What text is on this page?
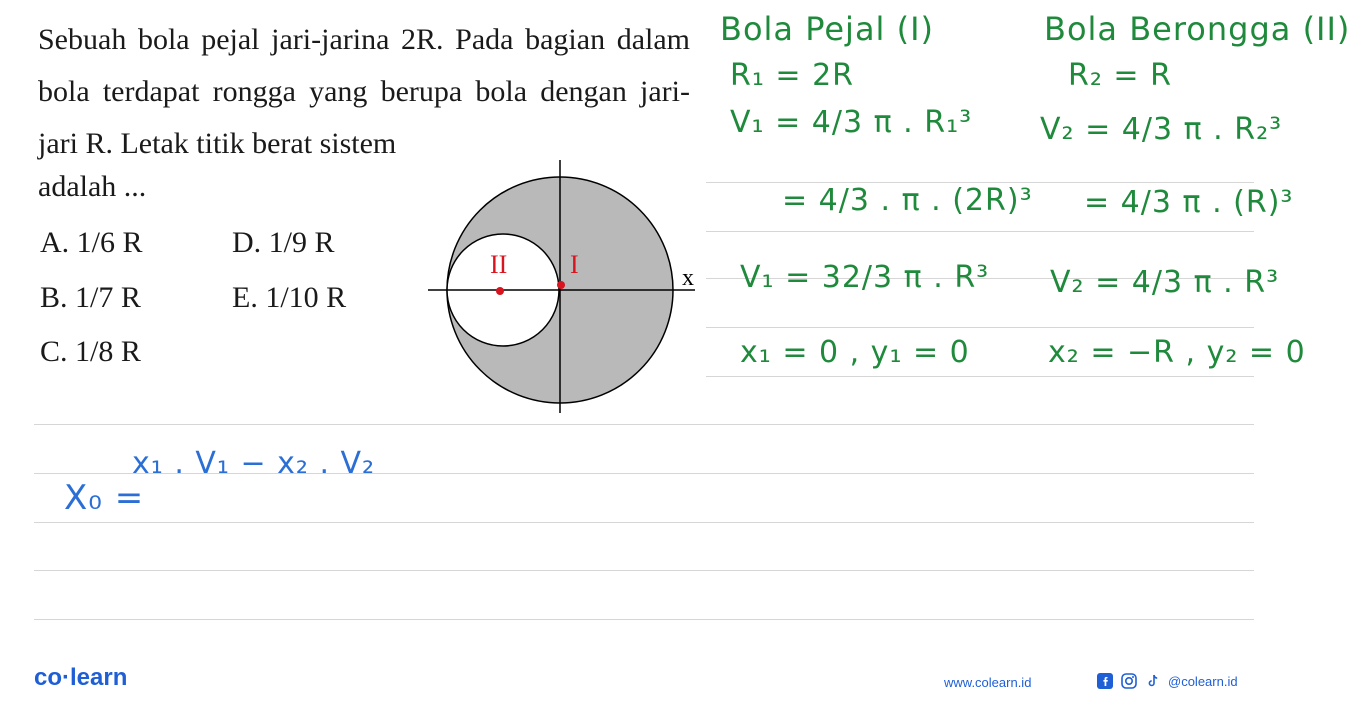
Sebuah bola pejal jari-jarina 2R. Pada bagian dalam bola terdapat rongga yang berupa bola dengan jari-jari R. Letak titik berat sistem

adalah ...
A. 1/6 R	D. 1/9 R
B. 1/7 R	E. 1/10 R
C. 1/8 R
x
II I
Bola Pejal (I)
R₁ = 2R
V₁ = 4/3 π . R₁³
= 4/3 . π . (2R)³
V₁ = 32/3 π . R³
x₁ = 0 , y₁ = 0
Bola Berongga (II)
R₂ = R
V₂ = 4/3 π . R₂³
= 4/3 π . (R)³
V₂ = 4/3 π . R³
x₂ = −R , y₂ = 0
X₀ =
x₁ . V₁ − x₂ . V₂
co·learn	www.colearn.id	@colearn.id
